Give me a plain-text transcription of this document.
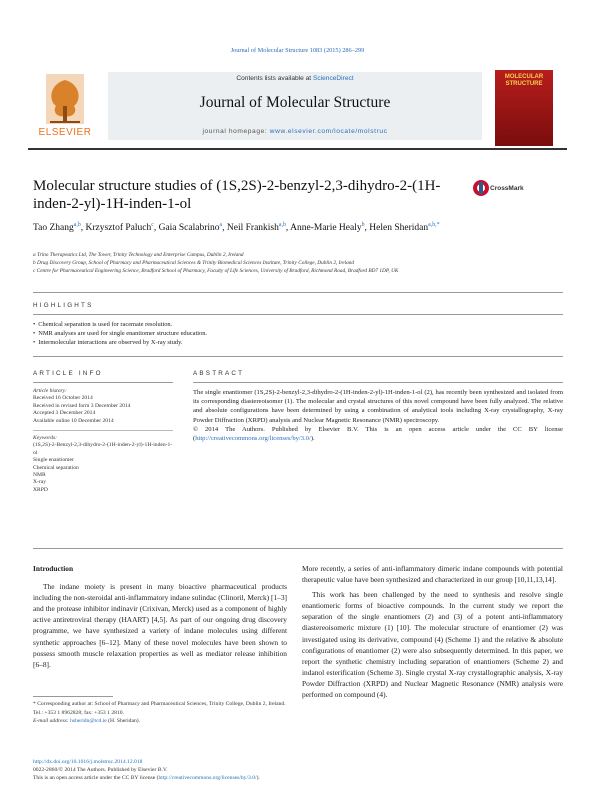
Journal of Molecular Structure 1083 (2015) 286–299
Contents lists available at ScienceDirect
Journal of Molecular Structure
journal homepage: www.elsevier.com/locate/molstruc
ELSEVIER
MOLECULAR STRUCTURE
Molecular structure studies of (1S,2S)-2-benzyl-2,3-dihydro-2-(1H-inden-2-yl)-1H-inden-1-ol
CrossMark
Tao Zhang$^{a,b}$, Krzysztof Paluch$^c$, Gaia Scalabrino$^a$, Neil Frankish$^{a,b}$, Anne-Marie Healy$^b$, Helen Sheridan$^{a,b,*}$
a Trino Therapeutics Ltd, The Tower, Trinity Technology and Enterprise Campus, Dublin 2, Ireland
b Drug Discovery Group, School of Pharmacy and Pharmaceutical Sciences & Trinity Biomedical Sciences Institute, Trinity College, Dublin 2, Ireland
c Centre for Pharmaceutical Engineering Science, Bradford School of Pharmacy, Faculty of Life Sciences, University of Bradford, Richmond Road, Bradford BD7 1DP, UK
HIGHLIGHTS
• Chemical separation is used for racemate resolution.
• NMR analyses are used for single enantiomer structure education.
• Intermolecular interactions are observed by X-ray study.
ARTICLE INFO
Article history:
Received 16 October 2014
Received in revised form 3 December 2014
Accepted 3 December 2014
Available online 10 December 2014
Keywords:
(1S,2S)-2-Benzyl-2,3-dihydro-2-(1H-inden-2-yl)-1H-inden-1-ol
Single enantiomer
Chemical separation
NMR
X-ray
XRPD
ABSTRACT
The single enantiomer (1S,2S)-2-benzyl-2,3-dihydro-2-(1H-inden-2-yl)-1H-inden-1-ol (2), has recently been synthesized and isolated from its corresponding diastereoisomer (1). The molecular and crystal structures of this novel compound have been fully analyzed. The relative and absolute configurations have been determined by using a combination of analytical tools including X-ray crystallography, X-ray Powder Diffraction (XRPD) analysis and Nuclear Magnetic Resonance (NMR) spectroscopy.
© 2014 The Authors. Published by Elsevier B.V. This is an open access article under the CC BY license (http://creativecommons.org/licenses/by/3.0/).
Introduction

The indane moiety is present in many bioactive pharmaceutical products including the non-steroidal anti-inflammatory indane sulindac (Clinoril, Merck) [1–3] and the protease inhibitor indinavir (Crixivan, Merck) used as a component of highly active antiretroviral therapy (HAART) [4,5]. As part of our ongoing drug discovery programme, we have synthesized a variety of indane molecules using different synthetic approaches [6–12]. Many of these novel molecules have been shown to possess smooth muscle relaxation properties as well as mediator release inhibition [6–8].

More recently, a series of anti-inflammatory dimeric indane compounds with potential therapeutic value have been synthesized and characterized in our group [10,11,13,14].

This work has been challenged by the need to synthesis and resolve single enantiomeric forms of bioactive compounds. In the current study we report the separation of the single enantiomers (2) and (3) of a potent anti-inflammatory diastereoisomeric mixture (1) [10]. The molecular structure of enantiomer (2) was investigated using its derivative, compound (4) (Scheme 1) and the relative & absolute configurations of enantiomer (2) were also subsequently determined. In this paper, we report the synthetic chemistry including separation of enantiomers (Scheme 2) and indanol esterification (Scheme 3). Single crystal X-ray crystallographic analysis, X-ray Powder Diffraction (XRPD) and Nuclear Magnetic Resonance (NMR) analysis were performed on compound (4).

* Corresponding author at: School of Pharmacy and Pharmaceutical Sciences, Trinity College, Dublin 2, Ireland. Tel.: +353 1 8962828; fax: +353 1 2810.
E-mail address: hsheridn@tcd.ie (H. Sheridan).
http://dx.doi.org/10.1016/j.molstruc.2014.12.018
0022-2860/© 2014 The Authors. Published by Elsevier B.V.
This is an open access article under the CC BY license (http://creativecommons.org/licenses/by/3.0/).
